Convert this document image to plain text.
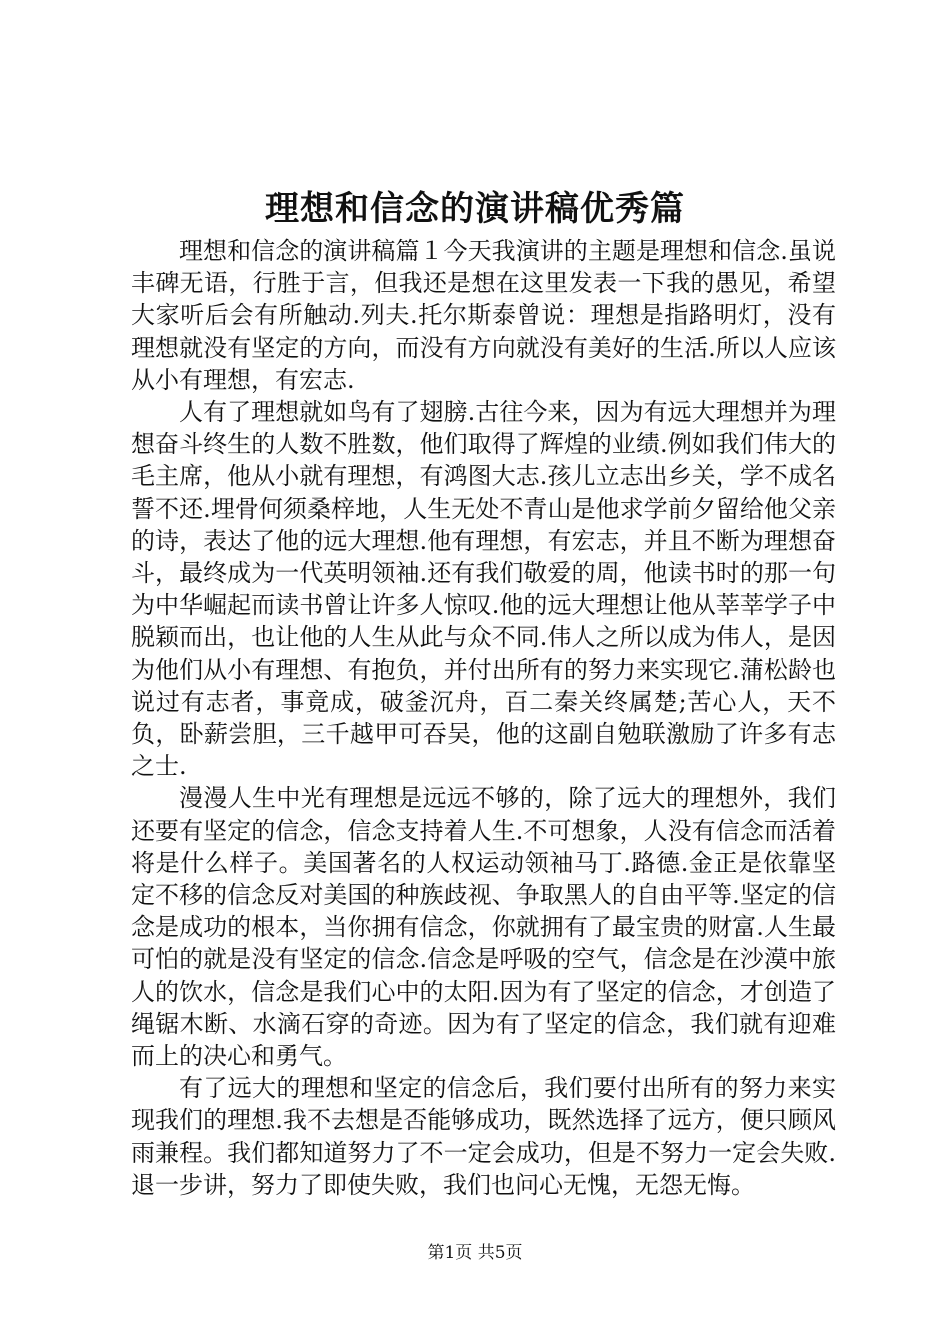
理想和信念的演讲稿优秀篇

理想和信念的演讲稿篇１今天我演讲的主题是理想和信念.虽说丰碑无语，行胜于言，但我还是想在这里发表一下我的愚见，希望大家听后会有所触动.列夫.托尔斯泰曾说：理想是指路明灯，没有理想就没有坚定的方向，而没有方向就没有美好的生活.所以人应该从小有理想，有宏志.

人有了理想就如鸟有了翅膀.古往今来，因为有远大理想并为理想奋斗终生的人数不胜数，他们取得了辉煌的业绩.例如我们伟大的毛主席，他从小就有理想，有鸿图大志.孩儿立志出乡关，学不成名誓不还.埋骨何须桑梓地，人生无处不青山是他求学前夕留给他父亲的诗，表达了他的远大理想.他有理想，有宏志，并且不断为理想奋斗，最终成为一代英明领袖.还有我们敬爱的周，他读书时的那一句为中华崛起而读书曾让许多人惊叹.他的远大理想让他从莘莘学子中脱颖而出，也让他的人生从此与众不同.伟人之所以成为伟人，是因为他们从小有理想、有抱负，并付出所有的努力来实现它.蒲松龄也说过有志者，事竟成，破釜沉舟，百二秦关终属楚;苦心人，天不负，卧薪尝胆，三千越甲可吞吴，他的这副自勉联激励了许多有志之士.

漫漫人生中光有理想是远远不够的，除了远大的理想外，我们还要有坚定的信念，信念支持着人生.不可想象，人没有信念而活着将是什么样子。美国著名的人权运动领袖马丁.路德.金正是依靠坚定不移的信念反对美国的种族歧视、争取黑人的自由平等.坚定的信念是成功的根本，当你拥有信念，你就拥有了最宝贵的财富.人生最可怕的就是没有坚定的信念.信念是呼吸的空气，信念是在沙漠中旅人的饮水，信念是我们心中的太阳.因为有了坚定的信念，才创造了绳锯木断、水滴石穿的奇迹。因为有了坚定的信念，我们就有迎难而上的决心和勇气。

有了远大的理想和坚定的信念后，我们要付出所有的努力来实现我们的理想.我不去想是否能够成功，既然选择了远方，便只顾风雨兼程。我们都知道努力了不一定会成功，但是不努力一定会失败.退一步讲，努力了即使失败，我们也问心无愧，无怨无悔。

第1页 共5页
